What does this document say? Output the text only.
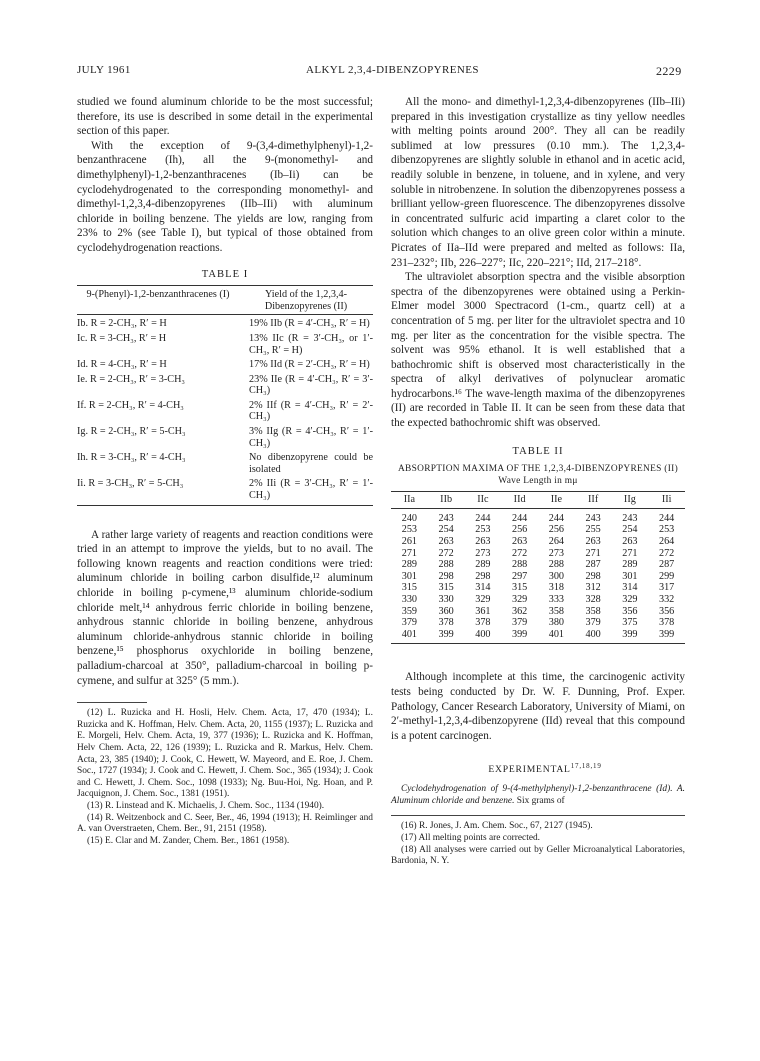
JULY 1961	ALKYL 2,3,4-DIBENZOPYRENES	2229

studied we found aluminum chloride to be the most successful; therefore, its use is described in some detail in the experimental section of this paper.

With the exception of 9-(3,4-dimethylphenyl)-1,2-benzanthracene (Ih), all the 9-(monomethyl- and dimethylphenyl)-1,2-benzanthracenes (Ib–Ii) can be cyclodehydrogenated to the corresponding monomethyl- and dimethyl-1,2,3,4-dibenzopyrenes (IIb–IIi) with aluminum chloride in boiling benzene. The yields are low, ranging from 23% to 2% (see Table I), but typical of those obtained from cyclodehydrogenation reactions.

TABLE I
9-(Phenyl)-1,2-benzanthracenes (I)	Yield of the 1,2,3,4-Dibenzopyrenes (II)
Ib. R = 2-CH₃, R′ = H	19% IIb (R = 4′-CH₃, R′ = H)
Ic. R = 3-CH₃, R′ = H	13% IIc (R = 3′-CH₃, or 1′-CH₃, R′ = H)
Id. R = 4-CH₃, R′ = H	17% IId (R = 2′-CH₃, R′ = H)
Ie. R = 2-CH₃, R′ = 3-CH₃	23% IIe (R = 4′-CH₃, R′ = 3′-CH₃)
If. R = 2-CH₃, R′ = 4-CH₃	2% IIf (R = 4′-CH₃, R′ = 2′-CH₃)
Ig. R = 2-CH₃, R′ = 5-CH₃	3% IIg (R = 4′-CH₃, R′ = 1′-CH₃)
Ih. R = 3-CH₃, R′ = 4-CH₃	No dibenzopyrene could be isolated
Ii. R = 3-CH₃, R′ = 5-CH₃	2% IIi (R = 3′-CH₃, R′ = 1′-CH₃)

A rather large variety of reagents and reaction conditions were tried in an attempt to improve the yields, but to no avail. The following known reagents and reaction conditions were tried: aluminum chloride in boiling carbon disulfide,¹² aluminum chloride in boiling p-cymene,¹³ aluminum chloride-sodium chloride melt,¹⁴ anhydrous ferric chloride in boiling benzene, anhydrous stannic chloride in boiling benzene, anhydrous aluminum chloride-anhydrous stannic chloride in boiling benzene,¹⁵ phosphorus oxychloride in boiling benzene, palladium-charcoal at 350°, palladium-charcoal in boiling p-cymene, and sulfur at 325° (5 mm.).

(12) L. Ruzicka and H. Hosli, Helv. Chem. Acta, 17, 470 (1934); L. Ruzicka and K. Hoffman, Helv. Chem. Acta, 20, 1155 (1937); L. Ruzicka and E. Morgeli, Helv. Chem. Acta, 19, 377 (1936); L. Ruzicka and K. Hoffman, Helv Chem. Acta, 22, 126 (1939); L. Ruzicka and R. Markus, Helv. Chem. Acta, 23, 385 (1940); J. Cook, C. Hewett, W. Mayeord, and E. Roe, J. Chem. Soc., 1727 (1934); J. Cook and C. Hewett, J. Chem. Soc., 365 (1934); J. Cook and C. Hewett, J. Chem. Soc., 1098 (1933); Ng. Buu-Hoi, Ng. Hoan, and P. Jacquignon, J. Chem. Soc., 1381 (1951).

(13) R. Linstead and K. Michaelis, J. Chem. Soc., 1134 (1940).

(14) R. Weitzenbock and C. Seer, Ber., 46, 1994 (1913); H. Reimlinger and A. van Overstraeten, Chem. Ber., 91, 2151 (1958).

(15) E. Clar and M. Zander, Chem. Ber., 1861 (1958).

All the mono- and dimethyl-1,2,3,4-dibenzopyrenes (IIb–IIi) prepared in this investigation crystallize as tiny yellow needles with melting points around 200°. They all can be readily sublimed at low pressures (0.10 mm.). The 1,2,3,4-dibenzopyrenes are slightly soluble in ethanol and in acetic acid, readily soluble in benzene, in toluene, and in xylene, and very soluble in nitrobenzene. In solution the dibenzopyrenes possess a brilliant yellow-green fluorescence. The dibenzopyrenes dissolve in concentrated sulfuric acid imparting a claret color to the solution which changes to an olive green color within a minute. Picrates of IIa–IId were prepared and melted as follows: IIa, 231–232°; IIb, 226–227°; IIc, 220–221°; IId, 217–218°.

The ultraviolet absorption spectra and the visible absorption spectra of the dibenzopyrenes were obtained using a Perkin-Elmer model 3000 Spectracord (1-cm., quartz cell) at a concentration of 5 mg. per liter for the ultraviolet spectra and 10 mg. per liter as the concentration for the visible spectra. The solvent was 95% ethanol. It is well established that a bathochromic shift is observed most characteristically in the spectra of alkyl derivatives of polynuclear aromatic hydrocarbons.¹⁶ The wave-length maxima of the dibenzopyrenes (II) are recorded in Table II. It can be seen from these data that the expected bathochromic shift was observed.

TABLE II
ABSORPTION MAXIMA OF THE 1,2,3,4-DIBENZOPYRENES (II)
Wave Length in mμ
IIa	IIb	IIc	IId	IIe	IIf	IIg	IIi
240	243	244	244	244	243	243	244
253	254	253	256	256	255	254	253
261	263	263	263	264	263	263	264
271	272	273	272	273	271	271	272
289	288	289	288	288	287	289	287
301	298	298	297	300	298	301	299
315	315	314	315	318	312	314	317
330	330	329	329	333	328	329	332
359	360	361	362	358	358	356	356
379	378	378	379	380	379	375	378
401	399	400	399	401	400	399	399

Although incomplete at this time, the carcinogenic activity tests being conducted by Dr. W. F. Dunning, Prof. Exper. Pathology, Cancer Research Laboratory, University of Miami, on 2′-methyl-1,2,3,4-dibenzopyrene (IId) reveal that this compound is a potent carcinogen.

EXPERIMENTAL$^{17,18,19}$

Cyclodehydrogenation of 9-(4-methylphenyl)-1,2-benzanthracene (Id). A. Aluminum chloride and benzene. Six grams of

(16) R. Jones, J. Am. Chem. Soc., 67, 2127 (1945).

(17) All melting points are corrected.

(18) All analyses were carried out by Geller Microanalytical Laboratories, Bardonia, N. Y.
